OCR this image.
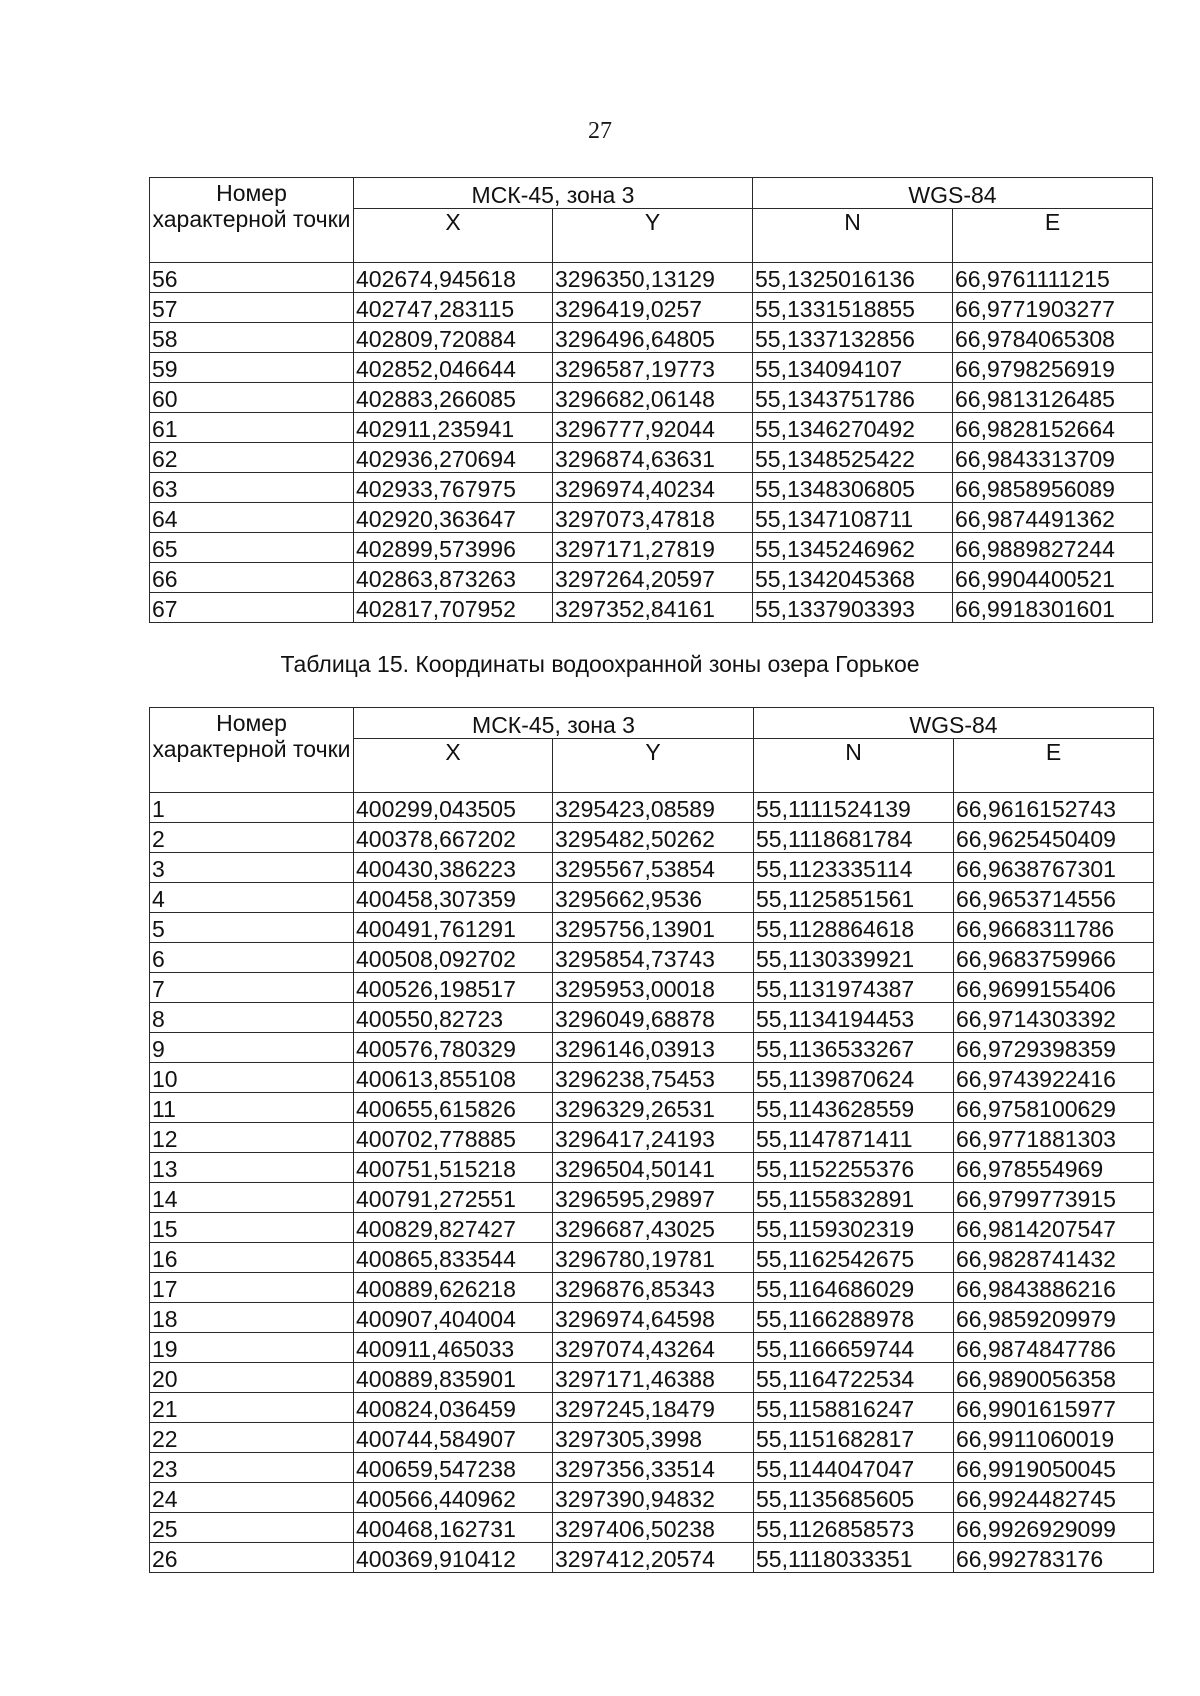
27
Номер характерной точки	МСК-45, зона 3		WGS-84	
	X	Y	N	E
56	402674,945618	3296350,13129	55,1325016136	66,9761111215
57	402747,283115	3296419,0257	55,1331518855	66,9771903277
58	402809,720884	3296496,64805	55,1337132856	66,9784065308
59	402852,046644	3296587,19773	55,134094107	66,9798256919
60	402883,266085	3296682,06148	55,1343751786	66,9813126485
61	402911,235941	3296777,92044	55,1346270492	66,9828152664
62	402936,270694	3296874,63631	55,1348525422	66,9843313709
63	402933,767975	3296974,40234	55,1348306805	66,9858956089
64	402920,363647	3297073,47818	55,1347108711	66,9874491362
65	402899,573996	3297171,27819	55,1345246962	66,9889827244
66	402863,873263	3297264,20597	55,1342045368	66,9904400521
67	402817,707952	3297352,84161	55,1337903393	66,9918301601
Таблица 15. Координаты водоохранной зоны озера Горькое
Номер характерной точки	МСК-45, зона 3		WGS-84	
	X	Y	N	E
1	400299,043505	3295423,08589	55,1111524139	66,9616152743
2	400378,667202	3295482,50262	55,1118681784	66,9625450409
3	400430,386223	3295567,53854	55,1123335114	66,9638767301
4	400458,307359	3295662,9536	55,1125851561	66,9653714556
5	400491,761291	3295756,13901	55,1128864618	66,9668311786
6	400508,092702	3295854,73743	55,1130339921	66,9683759966
7	400526,198517	3295953,00018	55,1131974387	66,9699155406
8	400550,82723	3296049,68878	55,1134194453	66,9714303392
9	400576,780329	3296146,03913	55,1136533267	66,9729398359
10	400613,855108	3296238,75453	55,1139870624	66,9743922416
11	400655,615826	3296329,26531	55,1143628559	66,9758100629
12	400702,778885	3296417,24193	55,1147871411	66,9771881303
13	400751,515218	3296504,50141	55,1152255376	66,978554969
14	400791,272551	3296595,29897	55,1155832891	66,9799773915
15	400829,827427	3296687,43025	55,1159302319	66,9814207547
16	400865,833544	3296780,19781	55,1162542675	66,9828741432
17	400889,626218	3296876,85343	55,1164686029	66,9843886216
18	400907,404004	3296974,64598	55,1166288978	66,9859209979
19	400911,465033	3297074,43264	55,1166659744	66,9874847786
20	400889,835901	3297171,46388	55,1164722534	66,9890056358
21	400824,036459	3297245,18479	55,1158816247	66,9901615977
22	400744,584907	3297305,3998	55,1151682817	66,9911060019
23	400659,547238	3297356,33514	55,1144047047	66,9919050045
24	400566,440962	3297390,94832	55,1135685605	66,9924482745
25	400468,162731	3297406,50238	55,1126858573	66,9926929099
26	400369,910412	3297412,20574	55,1118033351	66,992783176
